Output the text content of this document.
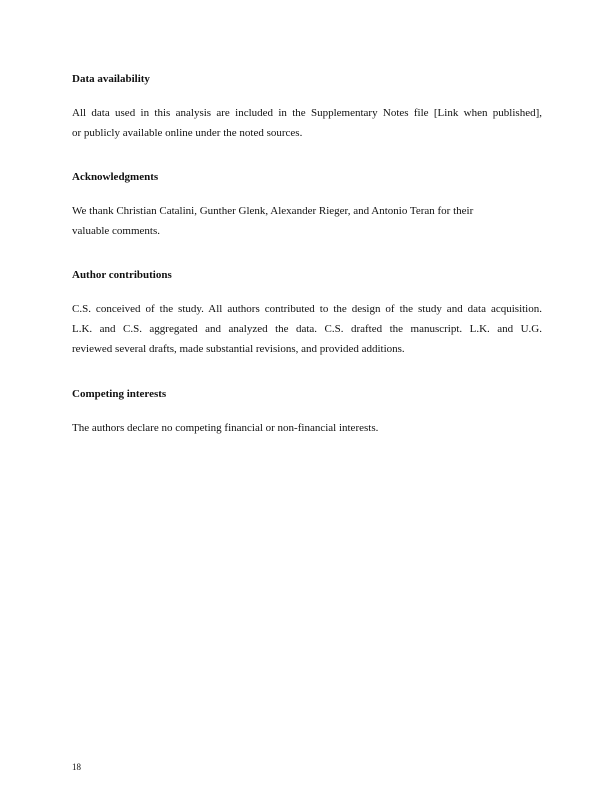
Data availability

All data used in this analysis are included in the Supplementary Notes file [Link when published],
or publicly available online under the noted sources.

Acknowledgments

We thank Christian Catalini, Gunther Glenk, Alexander Rieger, and Antonio Teran for their
valuable comments.

Author contributions

C.S. conceived of the study. All authors contributed to the design of the study and data acquisition.
L.K. and C.S. aggregated and analyzed the data. C.S. drafted the manuscript. L.K. and U.G.
reviewed several drafts, made substantial revisions, and provided additions.

Competing interests

The authors declare no competing financial or non-financial interests.

18
